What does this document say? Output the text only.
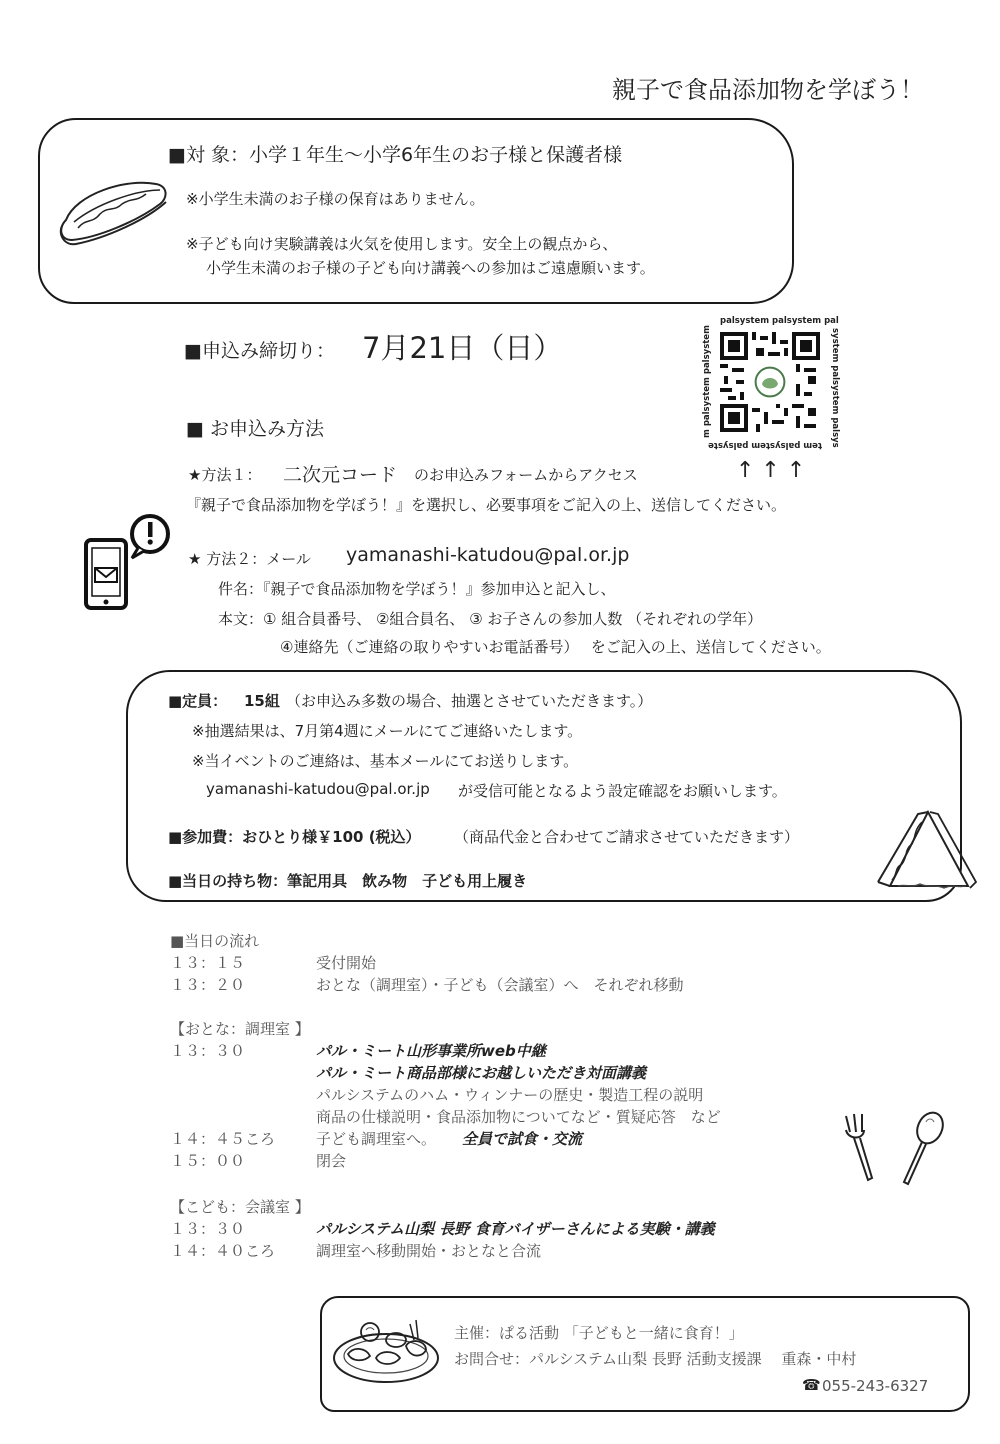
親子で食品添加物を学ぼう！
■対 象：小学１年生〜小学6年生のお子様と保護者様
※小学生未満のお子様の保育はありません。
※子ども向け実験講義は火気を使用します。安全上の観点から、
小学生未満のお子様の子ども向け講義への参加はご遠慮願います。
■申込み締切り： 7月21日（日）
palsystem palsystem pal
system palsystem palsys
tem palsystem palsyste
m palsystem palsystem
■ お申込み方法
★方法１： 二次元コード のお申込みフォームからアクセス	↑ ↑ ↑
『親子で食品添加物を学ぼう！』を選択し、必要事項をご記入の上、送信してください。
★ 方法２：メール yamanashi-katudou@pal.or.jp
件名：『親子で食品添加物を学ぼう！』参加申込と記入し、
本文：① 組合員番号、 ②組合員名、 ③ お子さんの参加人数 （それぞれの学年）
④連絡先（ご連絡の取りやすいお電話番号）　 をご記入の上、送信してください。
■定員： 15組 （お申込み多数の場合、抽選とさせていただきます。）
※抽選結果は、7月第4週にメールにてご連絡いたします。
※当イベントのご連絡は、基本メールにてお送りします。
yamanashi-katudou@pal.or.jp が受信可能となるよう設定確認をお願いします。
■参加費：おひとり様￥100 (税込） （商品代金と合わせてご請求させていただきます）
■当日の持ち物：筆記用具　飲み物　子ども用上履き
■当日の流れ
１３：１５	受付開始
１３：２０	おとな（調理室）・子ども（会議室）へ　それぞれ移動
【おとな：調理室 】
１３：３０	パル・ミート山形事業所web中継
パル・ミート商品部様にお越しいただき対面講義
パルシステムのハム・ウィンナーの歴史・製造工程の説明
商品の仕様説明・食品添加物についてなど・質疑応答　など
１４：４５ころ	子ども調理室へ。 全員で試食・交流
１５：００	閉会
【こども：会議室 】
１３：３０	パルシステム山梨 長野 食育バイザーさんによる実験・講義
１４：４０ころ	調理室へ移動開始・おとなと合流
主催：ぱる活動 「子どもと一緒に食育！」
お問合せ：パルシステム山梨 長野 活動支援課　 重森・中村
☎ 055-243-6327
